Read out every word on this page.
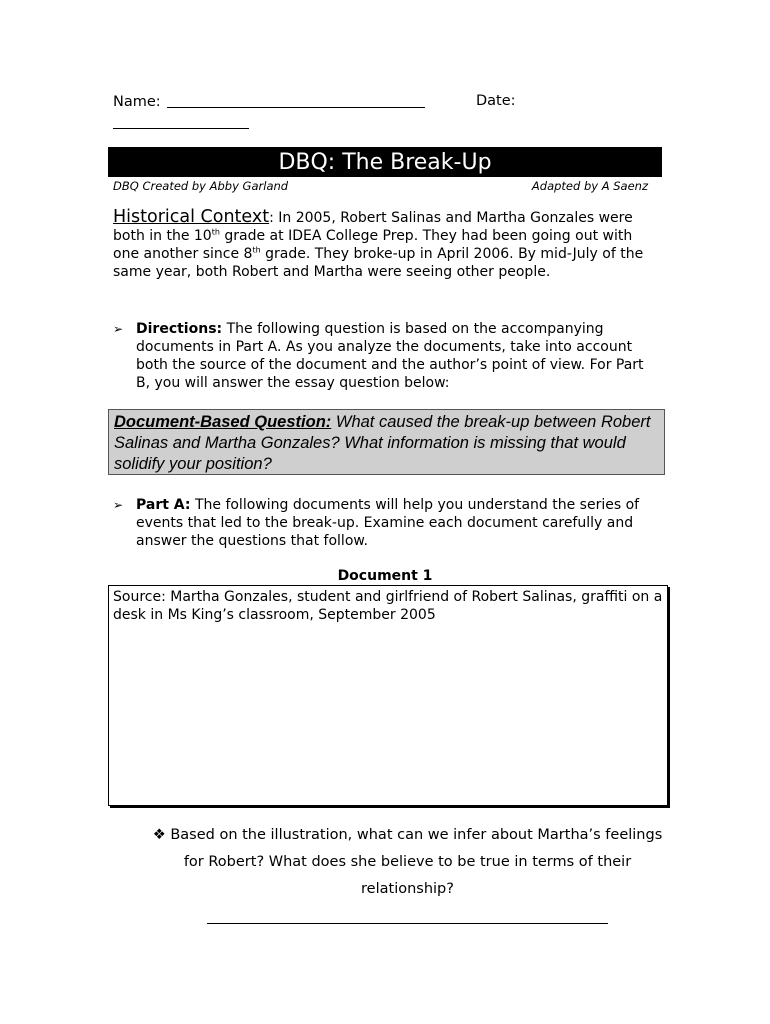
Name:	Date:
DBQ: The Break-Up
DBQ Created by Abby Garland	Adapted by A Saenz
Historical Context: In 2005, Robert Salinas and Martha Gonzales were both in the 10th grade at IDEA College Prep. They had been going out with one another since 8th grade. They broke-up in April 2006. By mid-July of the same year, both Robert and Martha were seeing other people.
➢ Directions: The following question is based on the accompanying documents in Part A. As you analyze the documents, take into account both the source of the document and the author’s point of view. For Part B, you will answer the essay question below:
Document-Based Question: What caused the break-up between Robert Salinas and Martha Gonzales? What information is missing that would solidify your position?
➢ Part A: The following documents will help you understand the series of events that led to the break-up. Examine each document carefully and answer the questions that follow.
Document 1
Source: Martha Gonzales, student and girlfriend of Robert Salinas, graffiti on a desk in Ms King’s classroom, September 2005
❖ Based on the illustration, what can we infer about Martha’s feelings for Robert? What does she believe to be true in terms of their relationship?
